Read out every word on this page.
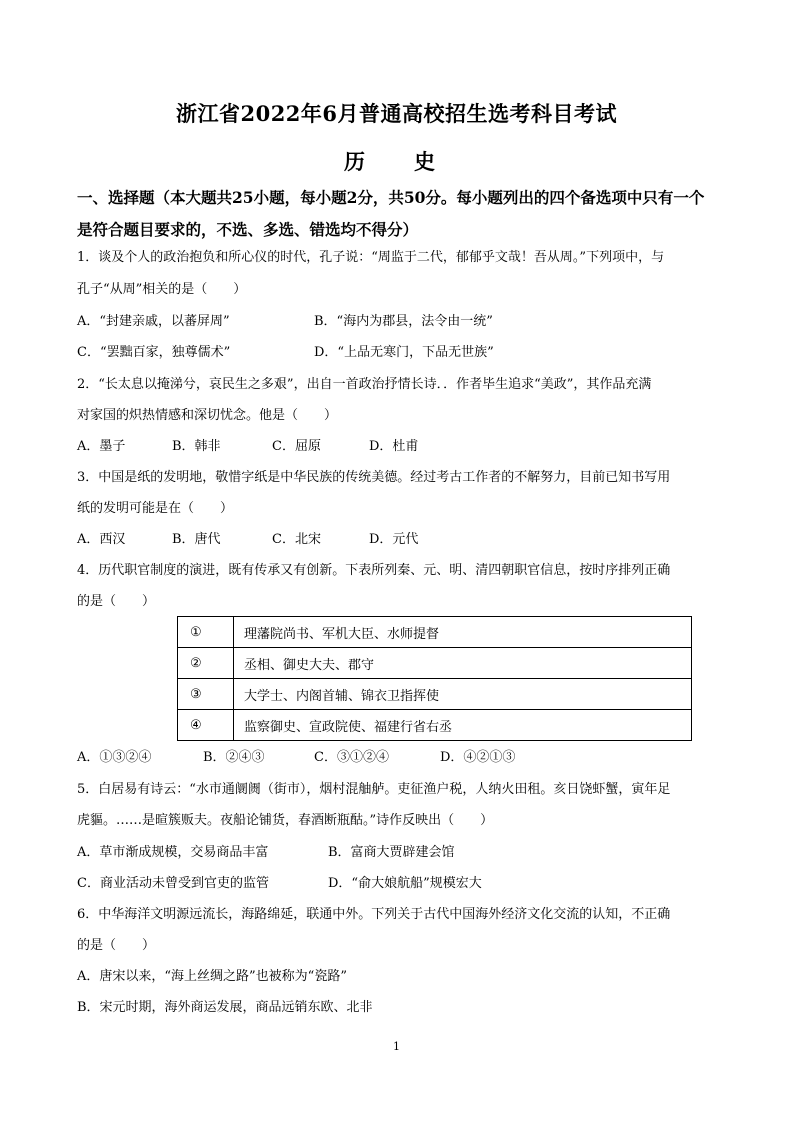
浙江省2022年6月普通高校招生选考科目考试
历　史
一、选择题（本大题共25小题，每小题2分，共50分。每小题列出的四个备选项中只有一个是符合题目要求的，不选、多选、错选均不得分）
1．谈及个人的政治抱负和所心仪的时代，孔子说：“周监于二代，郁郁乎文哉！吾从周。”下列项中，与
孔子“从周”相关的是（　　）
A．“封建亲戚，以蕃屏周”	B．“海内为郡县，法令由一统”
C．“罢黜百家，独尊儒术”	D．“上品无寒门，下品无世族”
2．“长太息以掩涕兮，哀民生之多艰”，出自一首政治抒情长诗．．作者毕生追求“美政”，其作品充满
对家国的炽热情感和深切忧念。他是（　　）
A．墨子	B．韩非	C．屈原	D．杜甫
3．中国是纸的发明地，敬惜字纸是中华民族的传统美德。经过考古工作者的不解努力，目前已知书写用
纸的发明可能是在（　　）
A．西汉	B．唐代	C．北宋	D．元代
4．历代职官制度的演进，既有传承又有创新。下表所列秦、元、明、清四朝职官信息，按时序排列正确
的是（　　）
①	理藩院尚书、军机大臣、水师提督
②	丞相、御史大夫、郡守
③	大学士、内阁首辅、锦衣卫指挥使
④	监察御史、宣政院使、福建行省右丞
A．①③②④	B．②④③	C．③①②④	D．④②①③
5．白居易有诗云：“水市通阛阓（街市），烟村混舳舻。吏征渔户税，人纳火田租。亥日饶虾蟹，寅年足
虎貙。……是暄簇贩夫。夜船论铺货，春酒断瓶酤。”诗作反映出（　　）
A．草市渐成规模，交易商品丰富	B．富商大贾辟建会馆
C．商业活动未曾受到官吏的监管	D．“俞大娘航船”规模宏大
6．中华海洋文明源远流长，海路绵延，联通中外。下列关于古代中国海外经济文化交流的认知，不正确
的是（　　）
A．唐宋以来，“海上丝绸之路”也被称为“瓷路”
B．宋元时期，海外商运发展，商品远销东欧、北非
1
